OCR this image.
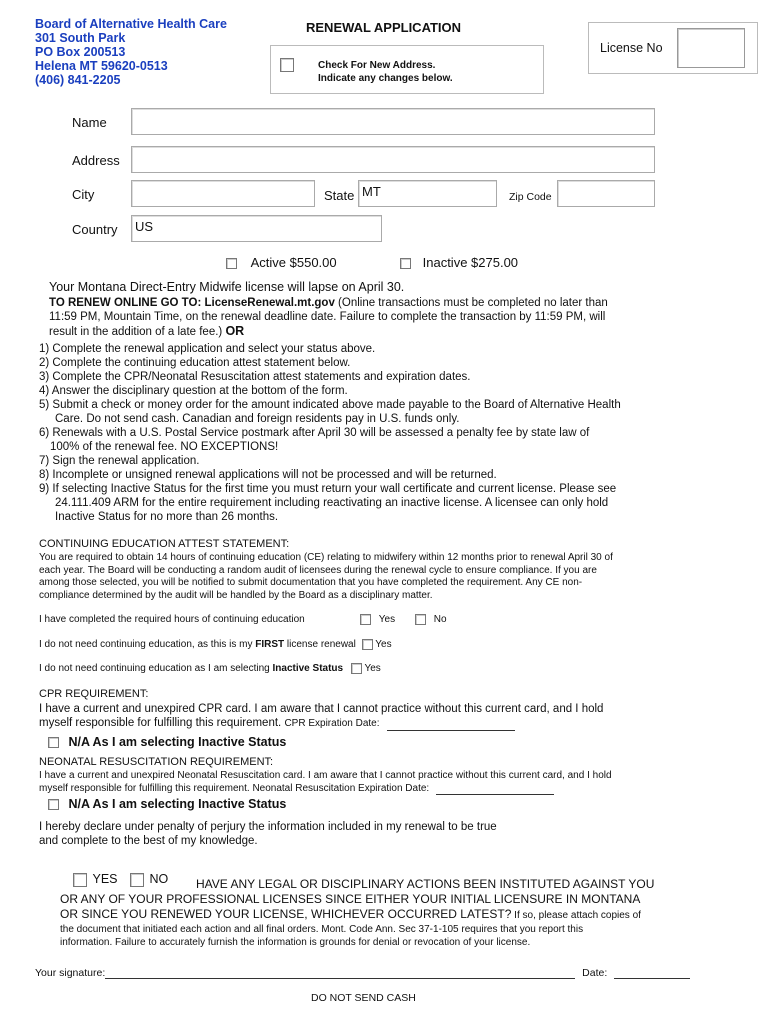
Board of Alternative Health Care
301 South Park
PO Box 200513
Helena MT 59620-0513
(406) 841-2205
RENEWAL APPLICATION
Check For New Address.
Indicate any changes below.
License No
Name
Address
City	State MT	Zip Code
Country	US
Active $550.00	Inactive $275.00
Your Montana Direct-Entry Midwife license will lapse on April 30.
TO RENEW ONLINE GO TO: LicenseRenewal.mt.gov (Online transactions must be completed no later than
11:59 PM, Mountain Time, on the renewal deadline date. Failure to complete the transaction by 11:59 PM, will
result in the addition of a late fee.) OR
1) Complete the renewal application and select your status above.
2) Complete the continuing education attest statement below.
3) Complete the CPR/Neonatal Resuscitation attest statements and expiration dates.
4) Answer the disciplinary question at the bottom of the form.
5) Submit a check or money order for the amount indicated above made payable to the Board of Alternative Health
Care. Do not send cash. Canadian and foreign residents pay in U.S. funds only.
6) Renewals with a U.S. Postal Service postmark after April 30 will be assessed a penalty fee by state law of
100% of the renewal fee. NO EXCEPTIONS!
7) Sign the renewal application.
8) Incomplete or unsigned renewal applications will not be processed and will be returned.
9) If selecting Inactive Status for the first time you must return your wall certificate and current license. Please see
24.111.409 ARM for the entire requirement including reactivating an inactive license. A licensee can only hold
Inactive Status for no more than 26 months.
CONTINUING EDUCATION ATTEST STATEMENT:
You are required to obtain 14 hours of continuing education (CE) relating to midwifery within 12 months prior to renewal April 30 of
each year. The Board will be conducting a random audit of licensees during the renewal cycle to ensure compliance. If you are
among those selected, you will be notified to submit documentation that you have completed the requirement. Any CE non-
compliance determined by the audit will be handled by the Board as a disciplinary matter.
I have completed the required hours of continuing education	Yes	No
I do not need continuing education, as this is my FIRST license renewal Yes
I do not need continuing education as I am selecting Inactive Status Yes
CPR REQUIREMENT:
I have a current and unexpired CPR card. I am aware that I cannot practice without this current card, and I hold
myself responsible for fulfilling this requirement. CPR Expiration Date:
N/A As I am selecting Inactive Status
NEONATAL RESUSCITATION REQUIREMENT:
I have a current and unexpired Neonatal Resuscitation card. I am aware that I cannot practice without this current card, and I hold
myself responsible for fulfilling this requirement. Neonatal Resuscitation Expiration Date:
N/A As I am selecting Inactive Status
I hereby declare under penalty of perjury the information included in my renewal to be true
and complete to the best of my knowledge.
YES	NO HAVE ANY LEGAL OR DISCIPLINARY ACTIONS BEEN INSTITUTED AGAINST YOU
OR ANY OF YOUR PROFESSIONAL LICENSES SINCE EITHER YOUR INITIAL LICENSURE IN MONTANA
OR SINCE YOU RENEWED YOUR LICENSE, WHICHEVER OCCURRED LATEST? If so, please attach copies of
the document that initiated each action and all final orders. Mont. Code Ann. Sec 37-1-105 requires that you report this
information. Failure to accurately furnish the information is grounds for denial or revocation of your license.
Your signature:	Date:
DO NOT SEND CASH
